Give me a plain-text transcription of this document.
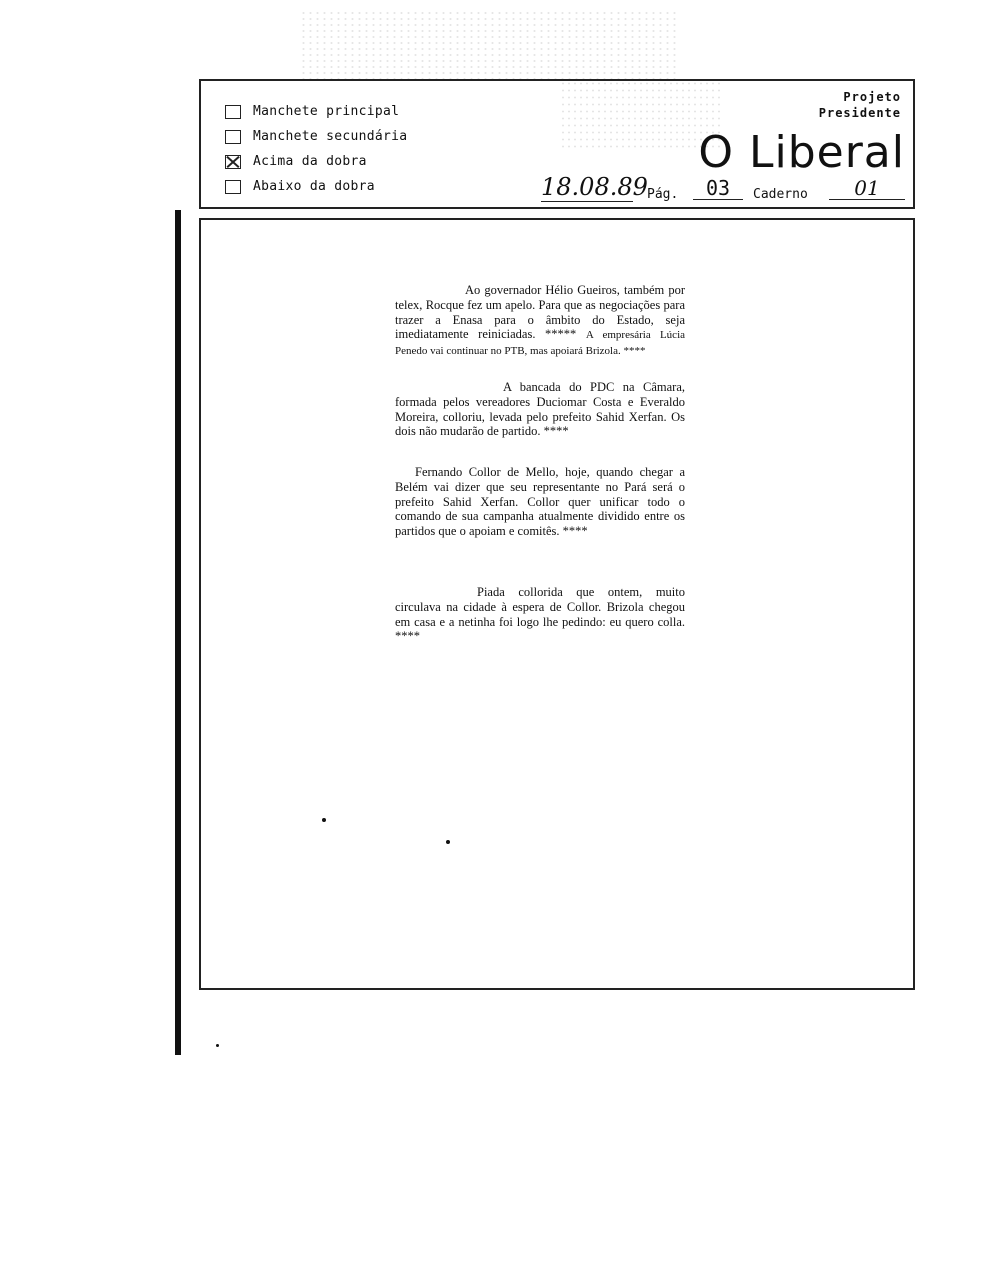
Manchete principal
Manchete secundária
Acima da dobra
Abaixo da dobra
Projeto
Presidente
O Liberal
18.08.89 Pág.	03	Caderno	01
Ao governador Hélio Gueiros, também por telex, Rocque fez um apelo. Para que as negociações para trazer a Enasa para o âmbito do Estado, seja imediatamente reiniciadas. ***** A empresária Lúcia Penedo vai continuar no PTB, mas apoiará Brizola. ****
A bancada do PDC na Câmara, formada pelos vereadores Duciomar Costa e Everaldo Moreira, colloriu, levada pelo prefeito Sahid Xerfan. Os dois não mudarão de partido. ****
Fernando Collor de Mello, hoje, quando chegar a Belém vai dizer que seu representante no Pará será o prefeito Sahid Xerfan. Collor quer unificar todo o comando de sua campanha atualmente dividido entre os partidos que o apoiam e comitês. ****
Piada collorida que ontem, muito circulava na cidade à espera de Collor. Brizola chegou em casa e a netinha foi logo lhe pedindo: eu quero colla. ****
